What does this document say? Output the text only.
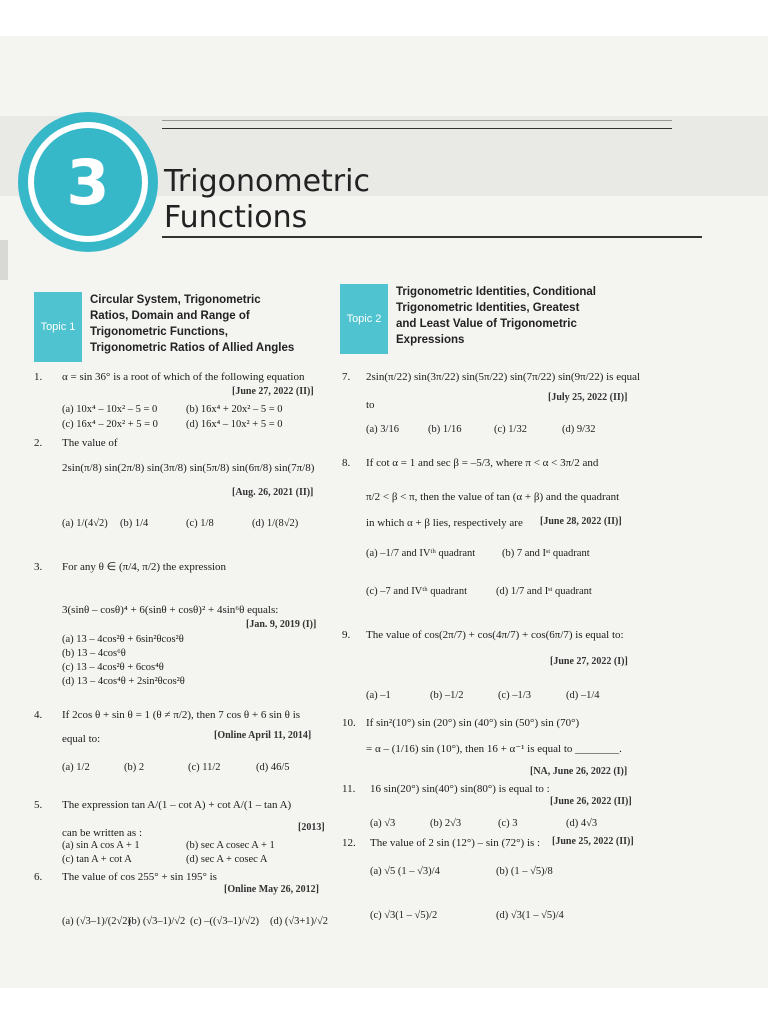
3	Trigonometric
Functions
Topic 1
Circular System, Trigonometric
Ratios, Domain and Range of
Trigonometric Functions,
Trigonometric Ratios of Allied Angles
Topic 2
Trigonometric Identities, Conditional
Trigonometric Identities, Greatest
and Least Value of Trigonometric
Expressions
1. α = sin 36° is a root of which of the following equation
[June 27, 2022 (II)]
(a) 10x⁴ – 10x² – 5 = 0	(b) 16x⁴ + 20x² – 5 = 0
(c) 16x⁴ – 20x² + 5 = 0	(d) 16x⁴ – 10x² + 5 = 0
2. The value of
2sin(π/8) sin(2π/8) sin(3π/8) sin(5π/8) sin(6π/8) sin(7π/8)
[Aug. 26, 2021 (II)]
(a) 1/(4√2) (b) 1/4	(c) 1/8	(d) 1/(8√2)
3. For any θ ∈ (π/4, π/2) the expression
3(sinθ – cosθ)⁴ + 6(sinθ + cosθ)² + 4sin⁶θ equals:
[Jan. 9, 2019 (I)]
(a) 13 – 4cos²θ + 6sin²θcos²θ
(b) 13 – 4cos⁶θ
(c) 13 – 4cos²θ + 6cos⁴θ
(d) 13 – 4cos⁴θ + 2sin²θcos²θ
4. If 2cos θ + sin θ = 1 (θ ≠ π/2), then 7 cos θ + 6 sin θ is
equal to:	[Online April 11, 2014]
(a) 1/2	(b) 2	(c) 11/2	(d) 46/5
5. The expression tan A/(1 – cot A) + cot A/(1 – tan A)
[2013]
can be written as :
(a) sin A cos A + 1	(b) sec A cosec A + 1
(c) tan A + cot A	(d) sec A + cosec A
6. The value of cos 255° + sin 195° is
[Online May 26, 2012]
(a) (√3–1)/(2√2)
(b) (√3–1)/√2 (c) –((√3–1)/√2) (d) (√3+1)/√2
7. 2sin(π/22) sin(3π/22) sin(5π/22) sin(7π/22) sin(9π/22) is equal
to
[July 25, 2022 (II)]
(a) 3/16	(b) 1/16	(c) 1/32	(d) 9/32
8. If cot α = 1 and sec β = –5/3, where π < α < 3π/2 and
π/2 < β < π, then the value of tan (α + β) and the quadrant
in which α + β lies, respectively are [June 28, 2022 (II)]
(a) –1/7 and IVᵗʰ quadrant	(b) 7 and Iˢᵗ quadrant
(c) –7 and IVᵗʰ quadrant	(d) 1/7 and Iˢᵗ quadrant
9. The value of cos(2π/7) + cos(4π/7) + cos(6π/7) is equal to:
[June 27, 2022 (I)]
(a) –1	(b) –1/2	(c) –1/3	(d) –1/4
10. If sin²(10°) sin (20°) sin (40°) sin (50°) sin (70°)
= α – (1/16) sin (10°), then 16 + α⁻¹ is equal to ________.
[NA, June 26, 2022 (I)]
11. 16 sin(20°) sin(40°) sin(80°) is equal to :
[June 26, 2022 (II)]
(a) √3	(b) 2√3	(c) 3	(d) 4√3
12. The value of 2 sin (12°) – sin (72°) is : [June 25, 2022 (II)]
(a) √5 (1 – √3)/4	(b) (1 – √5)/8
(c) √3(1 – √5)/2	(d) √3(1 – √5)/4
